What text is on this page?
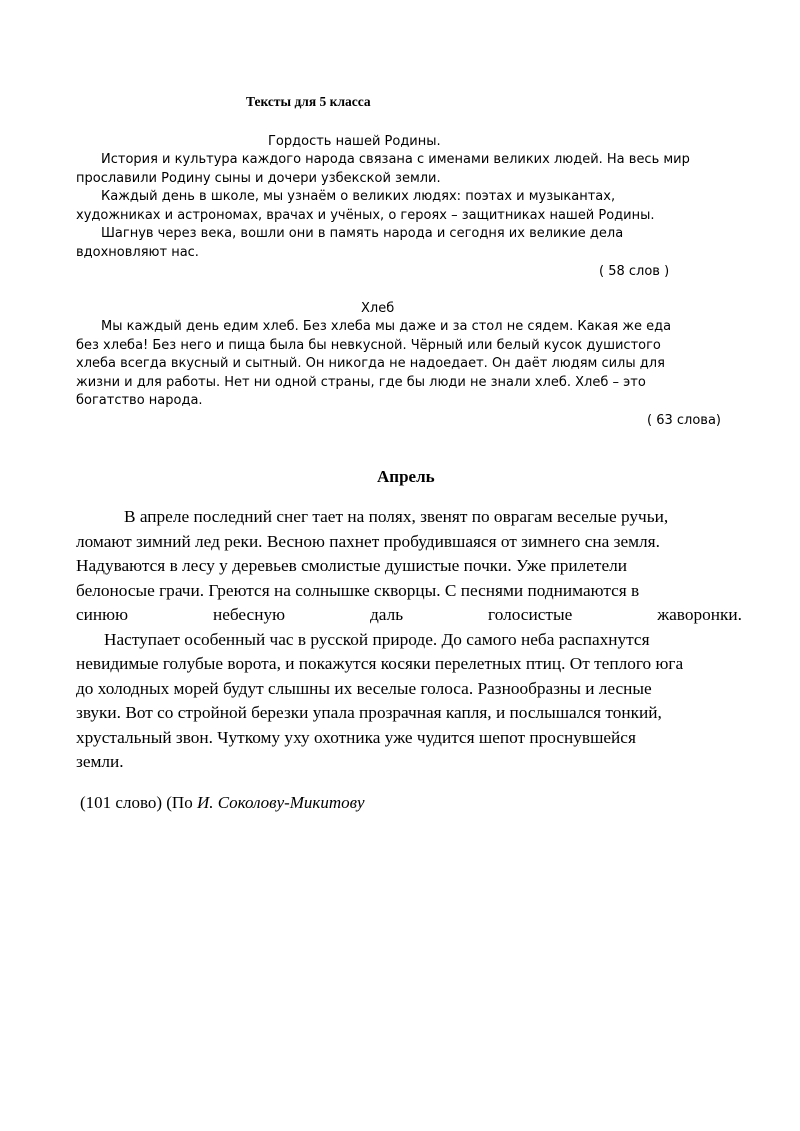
Тексты для 5 класса
Гордость нашей Родины.
История и культура каждого народа связана с именами великих людей. На весь мир
прославили Родину сыны и дочери узбекской земли.
Каждый день в школе, мы узнаём о великих людях: поэтах и музыкантах,
художниках и астрономах, врачах и учёных, о героях – защитниках нашей Родины.
Шагнув через века, вошли они в память народа и сегодня их великие дела
вдохновляют нас.
( 58 слов )
Хлеб
Мы каждый день едим хлеб. Без хлеба мы даже и за стол не сядем. Какая же еда
без хлеба! Без него и пища была бы невкусной. Чёрный или белый кусок душистого
хлеба всегда вкусный и сытный. Он никогда не надоедает. Он даёт людям силы для
жизни и для работы. Нет ни одной страны, где бы люди не знали хлеб. Хлеб – это
богатство народа.
( 63 слова)
Апрель
В апреле последний снег тает на полях, звенят по оврагам веселые ручьи,
ломают зимний лед реки. Весною пахнет пробудившаяся от зимнего сна земля.
Надуваются в лесу у деревьев смолистые душистые почки. Уже прилетели
белоносые грачи. Греются на солнышке скворцы. С песнями поднимаются в
синюю	небесную	даль	голосистые	жаворонки.
Наступает особенный час в русской природе. До самого неба распахнутся
невидимые голубые ворота, и покажутся косяки перелетных птиц. От теплого юга
до холодных морей будут слышны их веселые голоса. Разнообразны и лесные
звуки. Вот со стройной березки упала прозрачная капля, и послышался тонкий,
хрустальный звон. Чуткому уху охотника уже чудится шепот проснувшейся
земли.
(101 слово) (По И. Соколову-Микитову
